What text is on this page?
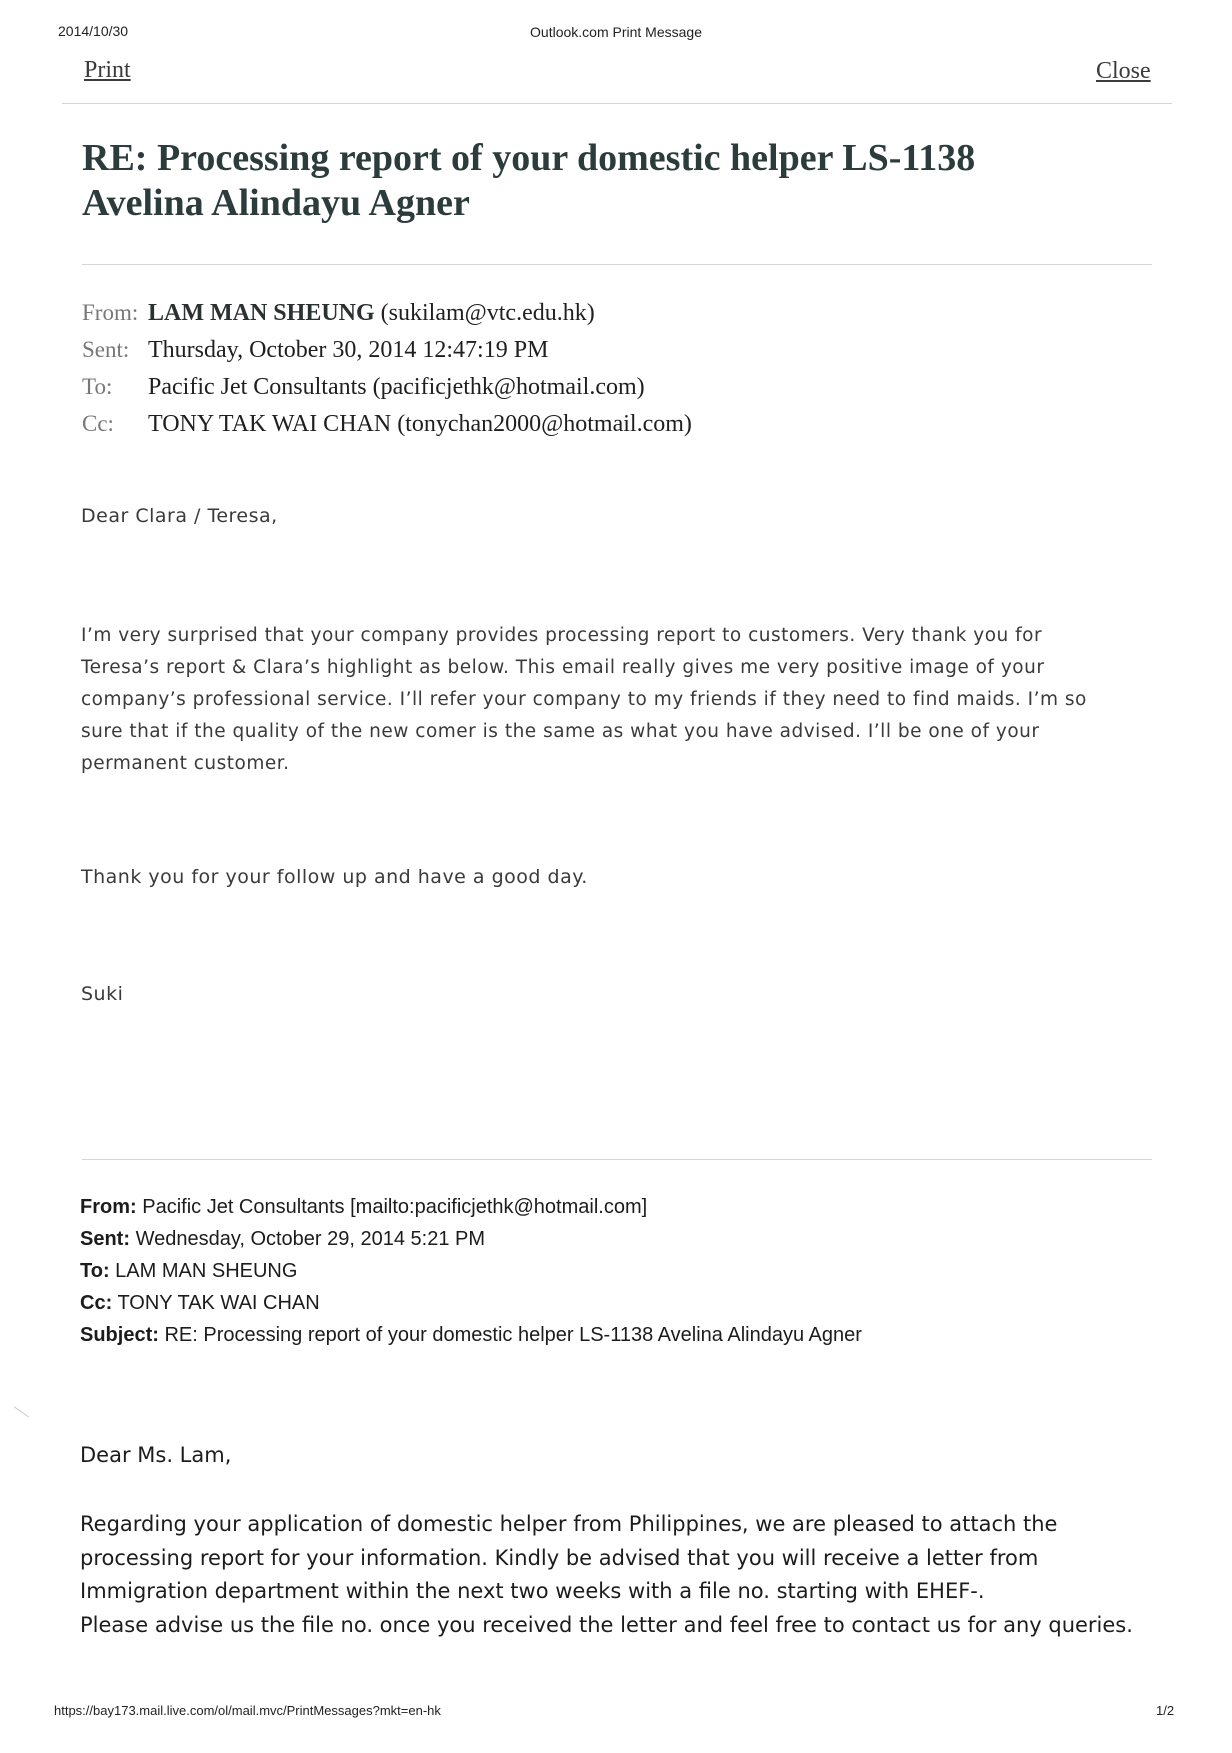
2014/10/30	Outlook.com Print Message
Print	Close
RE: Processing report of your domestic helper LS-1138 Avelina Alindayu Agner
From: LAM MAN SHEUNG (sukilam@vtc.edu.hk)
Sent: Thursday, October 30, 2014 12:47:19 PM
To: Pacific Jet Consultants (pacificjethk@hotmail.com)
Cc: TONY TAK WAI CHAN (tonychan2000@hotmail.com)
Dear Clara / Teresa,
I’m very surprised that your company provides processing report to customers. Very thank you for
Teresa’s report & Clara’s highlight as below. This email really gives me very positive image of your
company’s professional service. I’ll refer your company to my friends if they need to find maids. I’m so
sure that if the quality of the new comer is the same as what you have advised. I’ll be one of your
permanent customer.
Thank you for your follow up and have a good day.
Suki
From: Pacific Jet Consultants [mailto:pacificjethk@hotmail.com]
Sent: Wednesday, October 29, 2014 5:21 PM
To: LAM MAN SHEUNG
Cc: TONY TAK WAI CHAN
Subject: RE: Processing report of your domestic helper LS-1138 Avelina Alindayu Agner
Dear Ms. Lam,
Regarding your application of domestic helper from Philippines, we are pleased to attach the
processing report for your information. Kindly be advised that you will receive a letter from
Immigration department within the next two weeks with a file no. starting with EHEF-.
Please advise us the file no. once you received the letter and feel free to contact us for any queries.
https://bay173.mail.live.com/ol/mail.mvc/PrintMessages?mkt=en-hk	1/2
